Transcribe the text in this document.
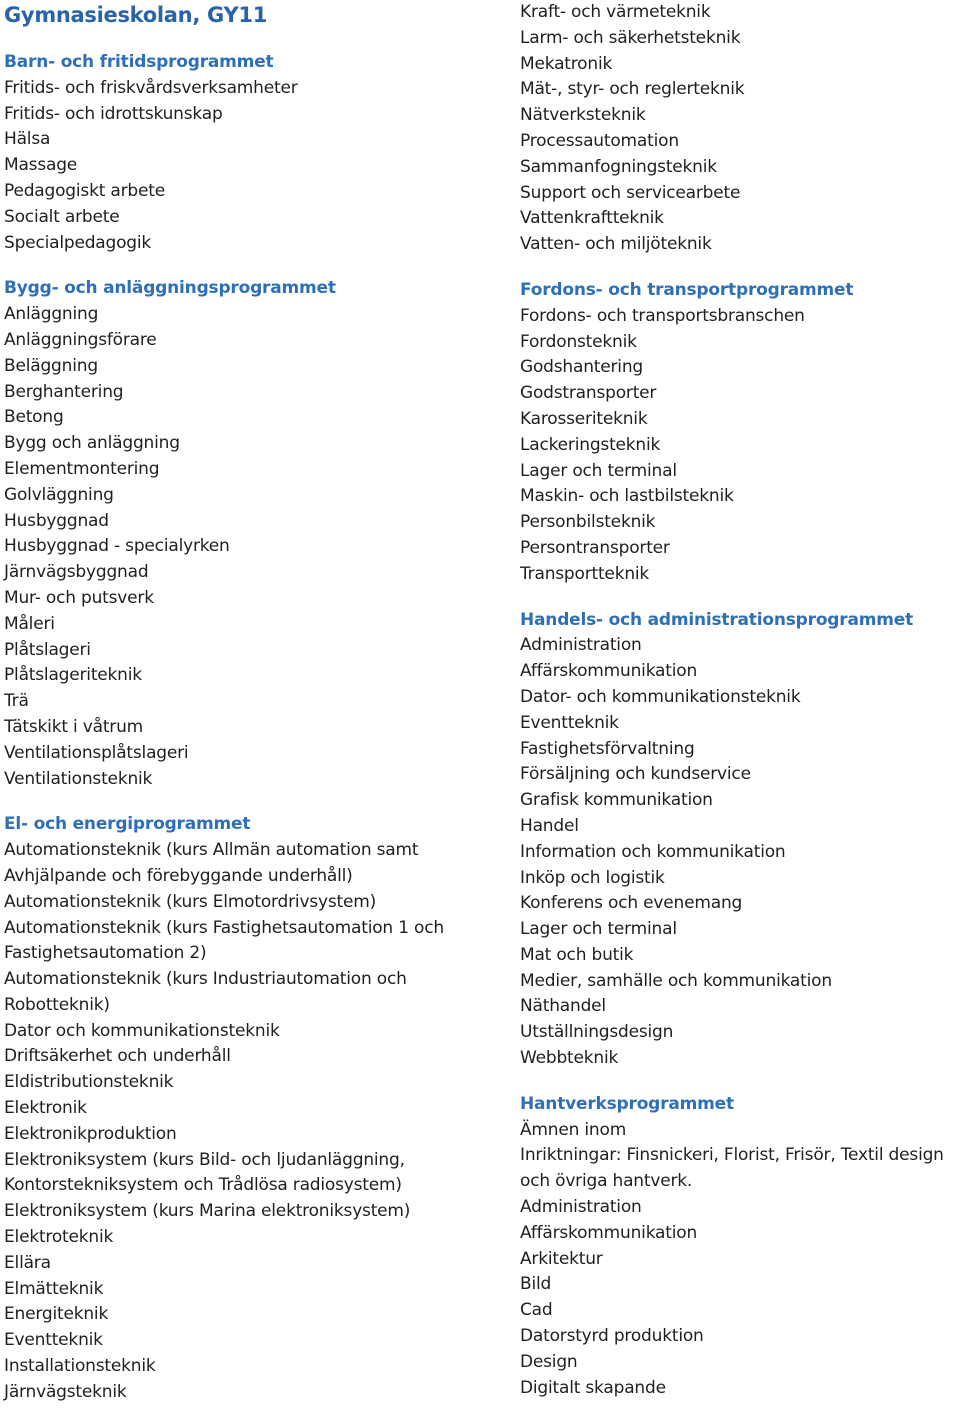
Gymnasieskolan, GY11
Barn- och fritidsprogrammet
Fritids- och friskvårdsverksamheter
Fritids- och idrottskunskap
Hälsa
Massage
Pedagogiskt arbete
Socialt arbete
Specialpedagogik
Bygg- och anläggningsprogrammet
Anläggning
Anläggningsförare
Beläggning
Berghantering
Betong
Bygg och anläggning
Elementmontering
Golvläggning
Husbyggnad
Husbyggnad - specialyrken
Järnvägsbyggnad
Mur- och putsverk
Måleri
Plåtslageri
Plåtslageriteknik
Trä
Tätskikt i våtrum
Ventilationsplåtslageri
Ventilationsteknik
El- och energiprogrammet
Automationsteknik (kurs Allmän automation samt Avhjälpande och förebyggande underhåll)
Automationsteknik (kurs Elmotordrivsystem)
Automationsteknik (kurs Fastighetsautomation 1 och Fastighetsautomation 2)
Automationsteknik (kurs Industriautomation och Robotteknik)
Dator och kommunikationsteknik
Driftsäkerhet och underhåll
Eldistributionsteknik
Elektronik
Elektronikproduktion
Elektroniksystem (kurs Bild- och ljudanläggning, Kontorstekniksystem och Trådlösa radiosystem)
Elektroniksystem (kurs Marina elektroniksystem)
Elektroteknik
Ellära
Elmätteknik
Energiteknik
Eventteknik
Installationsteknik
Järnvägsteknik
Kraft- och värmeteknik
Larm- och säkerhetsteknik
Mekatronik
Mät-, styr- och reglerteknik
Nätverksteknik
Processautomation
Sammanfogningsteknik
Support och servicearbete
Vattenkraftteknik
Vatten- och miljöteknik
Fordons- och transportprogrammet
Fordons- och transportsbranschen
Fordonsteknik
Godshantering
Godstransporter
Karosseriteknik
Lackeringsteknik
Lager och terminal
Maskin- och lastbilsteknik
Personbilsteknik
Persontransporter
Transportteknik
Handels- och administrationsprogrammet
Administration
Affärskommunikation
Dator- och kommunikationsteknik
Eventteknik
Fastighetsförvaltning
Försäljning och kundservice
Grafisk kommunikation
Handel
Information och kommunikation
Inköp och logistik
Konferens och evenemang
Lager och terminal
Mat och butik
Medier, samhälle och kommunikation
Näthandel
Utställningsdesign
Webbteknik
Hantverksprogrammet
Ämnen inom
Inriktningar: Finsnickeri, Florist, Frisör, Textil design och övriga hantverk.
Administration
Affärskommunikation
Arkitektur
Bild
Cad
Datorstyrd produktion
Design
Digitalt skapande
